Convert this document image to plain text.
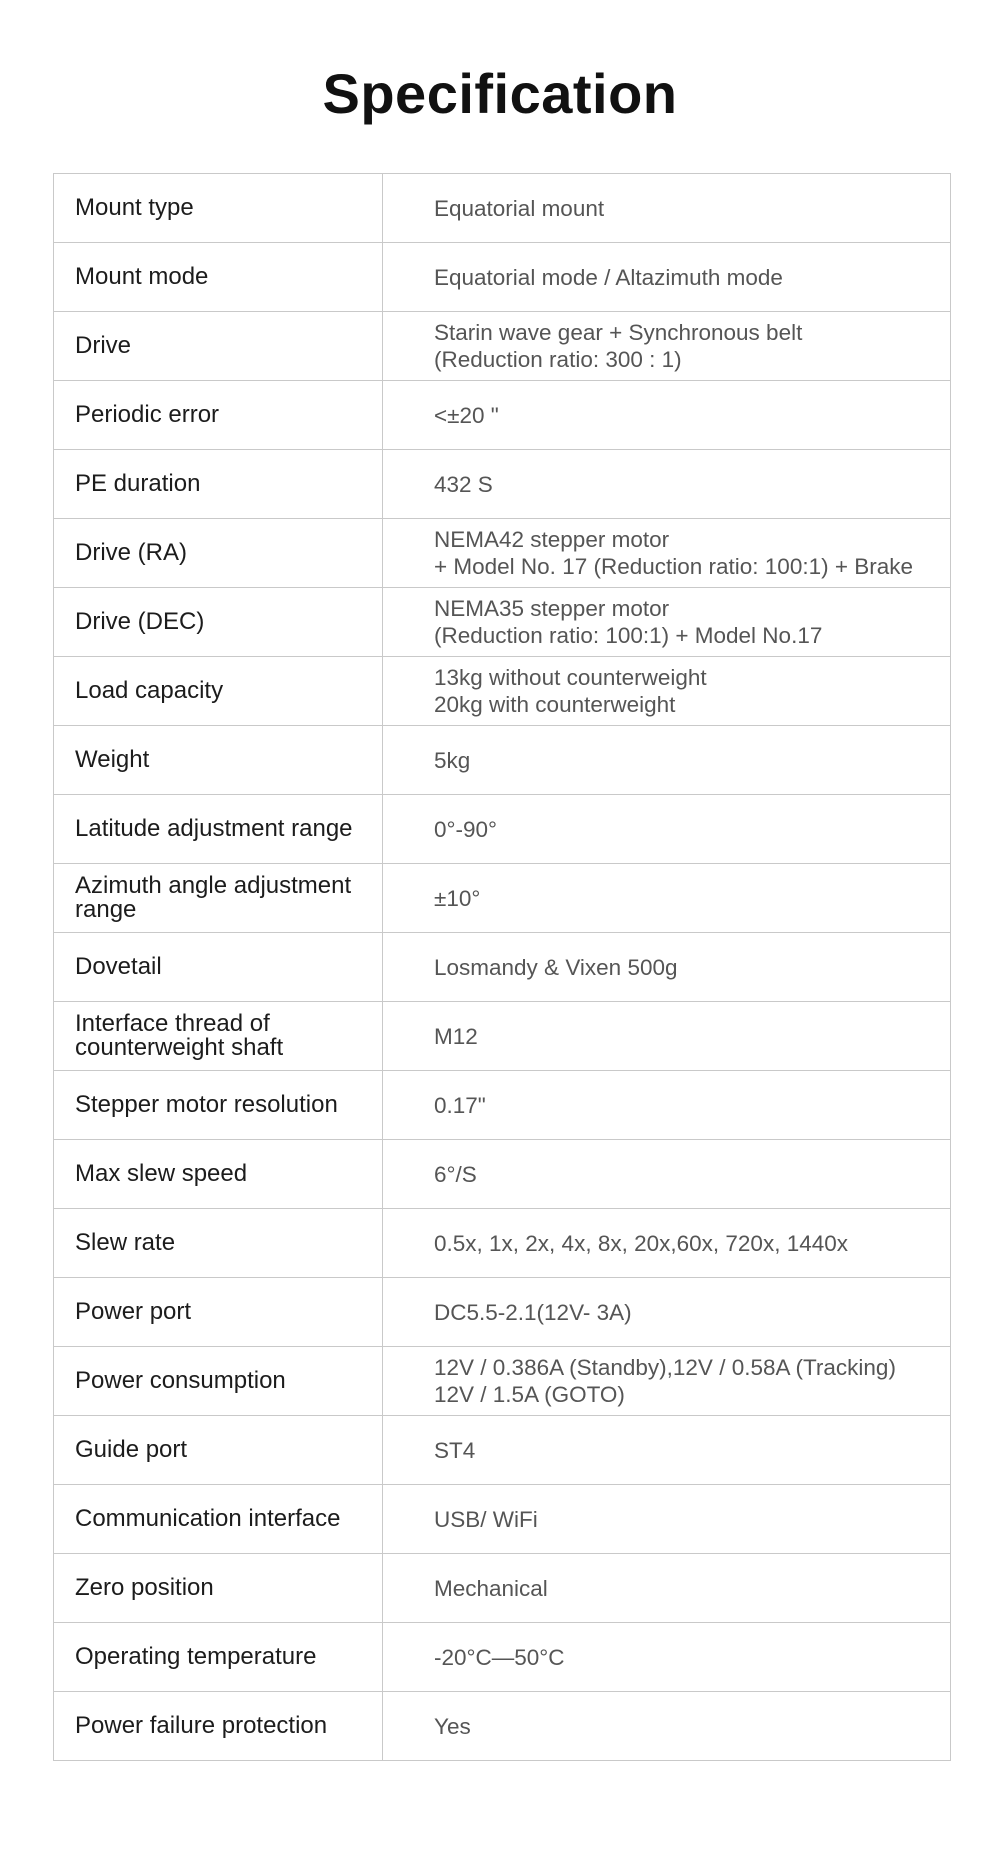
Specification
Mount type	Equatorial mount

Mount mode	Equatorial mode / Altazimuth mode

Drive	Starin wave gear + Synchronous belt
(Reduction ratio: 300 : 1)

Periodic error	<±20 "

PE duration	432 S

Drive (RA)	NEMA42 stepper motor
+ Model No. 17 (Reduction ratio: 100:1) + Brake

Drive (DEC)	NEMA35 stepper motor
(Reduction ratio: 100:1) + Model No.17

Load capacity	13kg without counterweight
20kg with counterweight

Weight	5kg

Latitude adjustment range	0°-90°

Azimuth angle adjustment range	±10°

Dovetail	Losmandy & Vixen 500g

Interface thread of counterweight shaft	M12

Stepper motor resolution	0.17"

Max slew speed	6°/S

Slew rate	0.5x, 1x, 2x, 4x, 8x, 20x,60x, 720x, 1440x

Power port	DC5.5-2.1(12V- 3A)

Power consumption	12V / 0.386A (Standby),12V / 0.58A (Tracking)
12V / 1.5A (GOTO)

Guide port	ST4

Communication interface	USB/ WiFi

Zero position	Mechanical

Operating temperature	-20°C—50°C

Power failure protection	Yes
